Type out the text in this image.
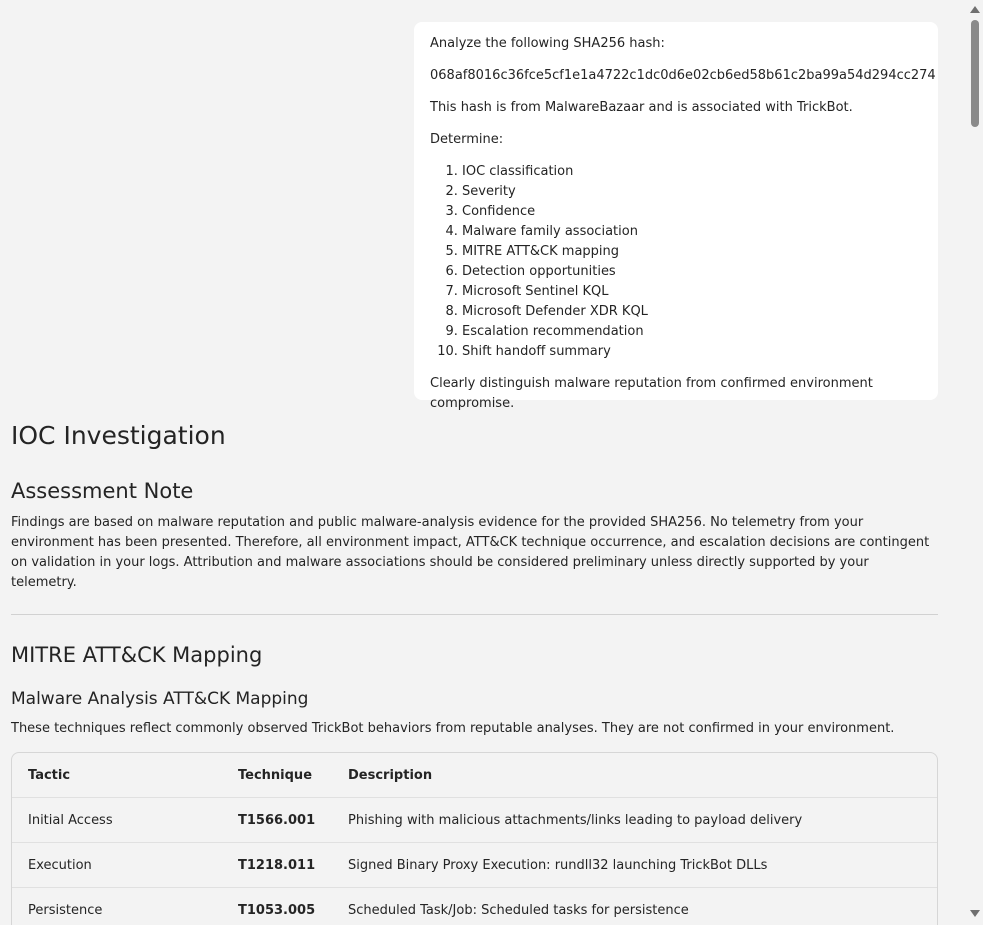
Analyze the following SHA256 hash:

068af8016c36fce5cf1e1a4722c1dc0d6e02cb6ed58b61c2ba99a54d294cc274

This hash is from MalwareBazaar and is associated with TrickBot.

Determine:

1. IOC classification
2. Severity
3. Confidence
4. Malware family association
5. MITRE ATT&CK mapping
6. Detection opportunities
7. Microsoft Sentinel KQL
8. Microsoft Defender XDR KQL
9. Escalation recommendation
10. Shift handoff summary

Clearly distinguish malware reputation from confirmed environment compromise.

IOC Investigation
Assessment Note

Findings are based on malware reputation and public malware-analysis evidence for the provided SHA256. No telemetry from your environment has been presented. Therefore, all environment impact, ATT&CK technique occurrence, and escalation decisions are contingent on validation in your logs. Attribution and malware associations should be considered preliminary unless directly supported by your telemetry.

MITRE ATT&CK Mapping
Malware Analysis ATT&CK Mapping

These techniques reflect commonly observed TrickBot behaviors from reputable analyses. They are not confirmed in your environment.

Tactic	Technique	Description
Initial Access	T1566.001	Phishing with malicious attachments/links leading to payload delivery
Execution	T1218.011	Signed Binary Proxy Execution: rundll32 launching TrickBot DLLs
Persistence	T1053.005	Scheduled Task/Job: Scheduled tasks for persistence
